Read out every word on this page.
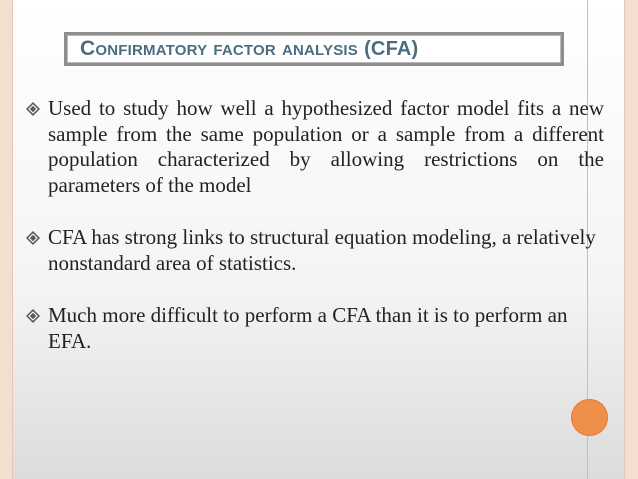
Confirmatory factor analysis (CFA)
Used to study how well a hypothesized factor model fits a new sample from the same population or a sample from a different population characterized by allowing restrictions on the parameters of the model
CFA has strong links to structural equation modeling, a relatively nonstandard area of statistics.
Much more difficult to perform a CFA than it is to perform an EFA.
